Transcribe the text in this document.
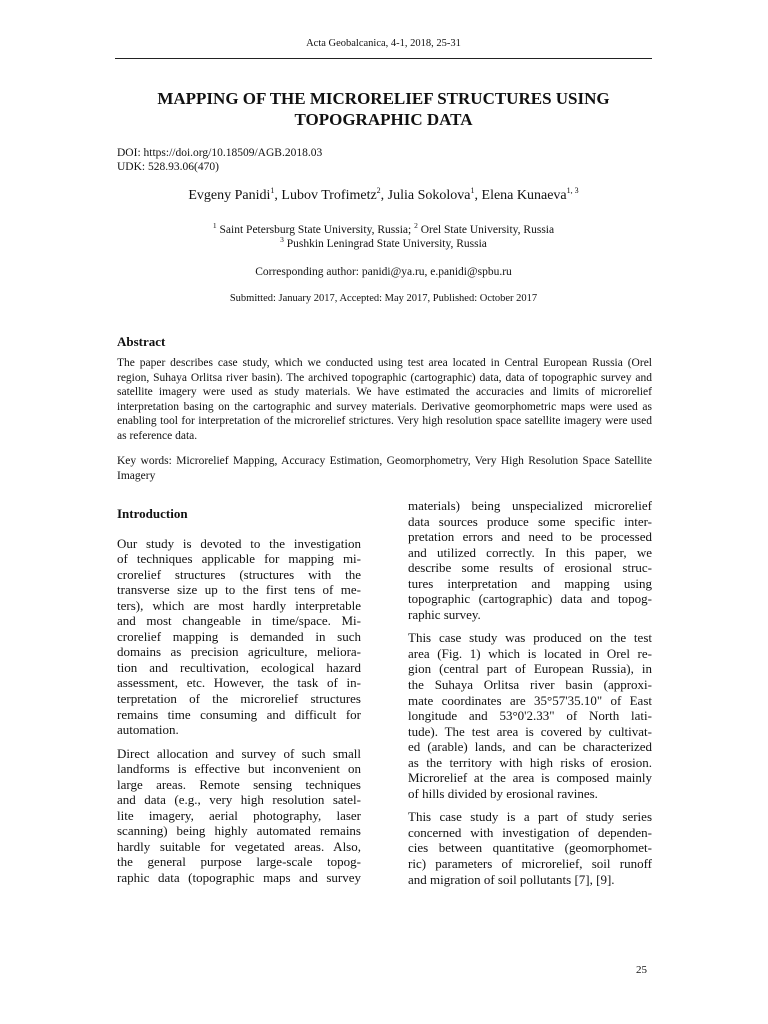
Acta Geobalcanica, 4-1, 2018, 25-31
MAPPING OF THE MICRORELIEF STRUCTURES USING
TOPOGRAPHIC DATA
DOI: https://doi.org/10.18509/AGB.2018.03
UDK: 528.93.06(470)
Evgeny Panidi$^1$, Lubov Trofimetz$^2$, Julia Sokolova$^1$, Elena Kunaeva$^{1, 3}$
$^1$ Saint Petersburg State University, Russia; $^2$ Orel State University, Russia
$^3$ Pushkin Leningrad State University, Russia
Corresponding author: panidi@ya.ru, e.panidi@spbu.ru
Submitted: January 2017, Accepted: May 2017, Published: October 2017
Abstract

The paper describes case study, which we conducted using test area located in Central European Russia (Orel region, Suhaya Orlitsa river basin). The archived topographic (cartographic) data, data of topographic survey and satellite imagery were used as study materials. We have estimated the accuracies and limits of microrelief interpretation basing on the cartographic and survey materials. Derivative geomorphometric maps were used as enabling tool for interpretation of the microrelief strictures. Very high resolution space satellite imagery were used as reference data.

Key words: Microrelief Mapping, Accuracy Estimation, Geomorphometry, Very High Resolution Space Satellite Imagery

Introduction

Our study is devoted to the investigation
of techniques applicable for mapping mi-
crorelief structures (structures with the
transverse size up to the first tens of me-
ters), which are most hardly interpretable
and most changeable in time/space. Mi-
crorelief mapping is demanded in such
domains as precision agriculture, meliora-
tion and recultivation, ecological hazard
assessment, etc. However, the task of in-
terpretation of the microrelief structures
remains time consuming and difficult for
automation.

Direct allocation and survey of such small
landforms is effective but inconvenient on
large areas. Remote sensing techniques
and data (e.g., very high resolution satel-
lite imagery, aerial photography, laser
scanning) being highly automated remains
hardly suitable for vegetated areas. Also,
the general purpose large-scale topog-
raphic data (topographic maps and survey

materials) being unspecialized microrelief
data sources produce some specific inter-
pretation errors and need to be processed
and utilized correctly. In this paper, we
describe some results of erosional struc-
tures interpretation and mapping using
topographic (cartographic) data and topog-
raphic survey.

This case study was produced on the test
area (Fig. 1) which is located in Orel re-
gion (central part of European Russia), in
the Suhaya Orlitsa river basin (approxi-
mate coordinates are 35°57'35.10" of East
longitude and 53°0'2.33" of North lati-
tude). The test area is covered by cultivat-
ed (arable) lands, and can be characterized
as the territory with high risks of erosion.
Microrelief at the area is composed mainly
of hills divided by erosional ravines.

This case study is a part of study series
concerned with investigation of dependen-
cies between quantitative (geomorphomet-
ric) parameters of microrelief, soil runoff
and migration of soil pollutants [7], [9].

25
